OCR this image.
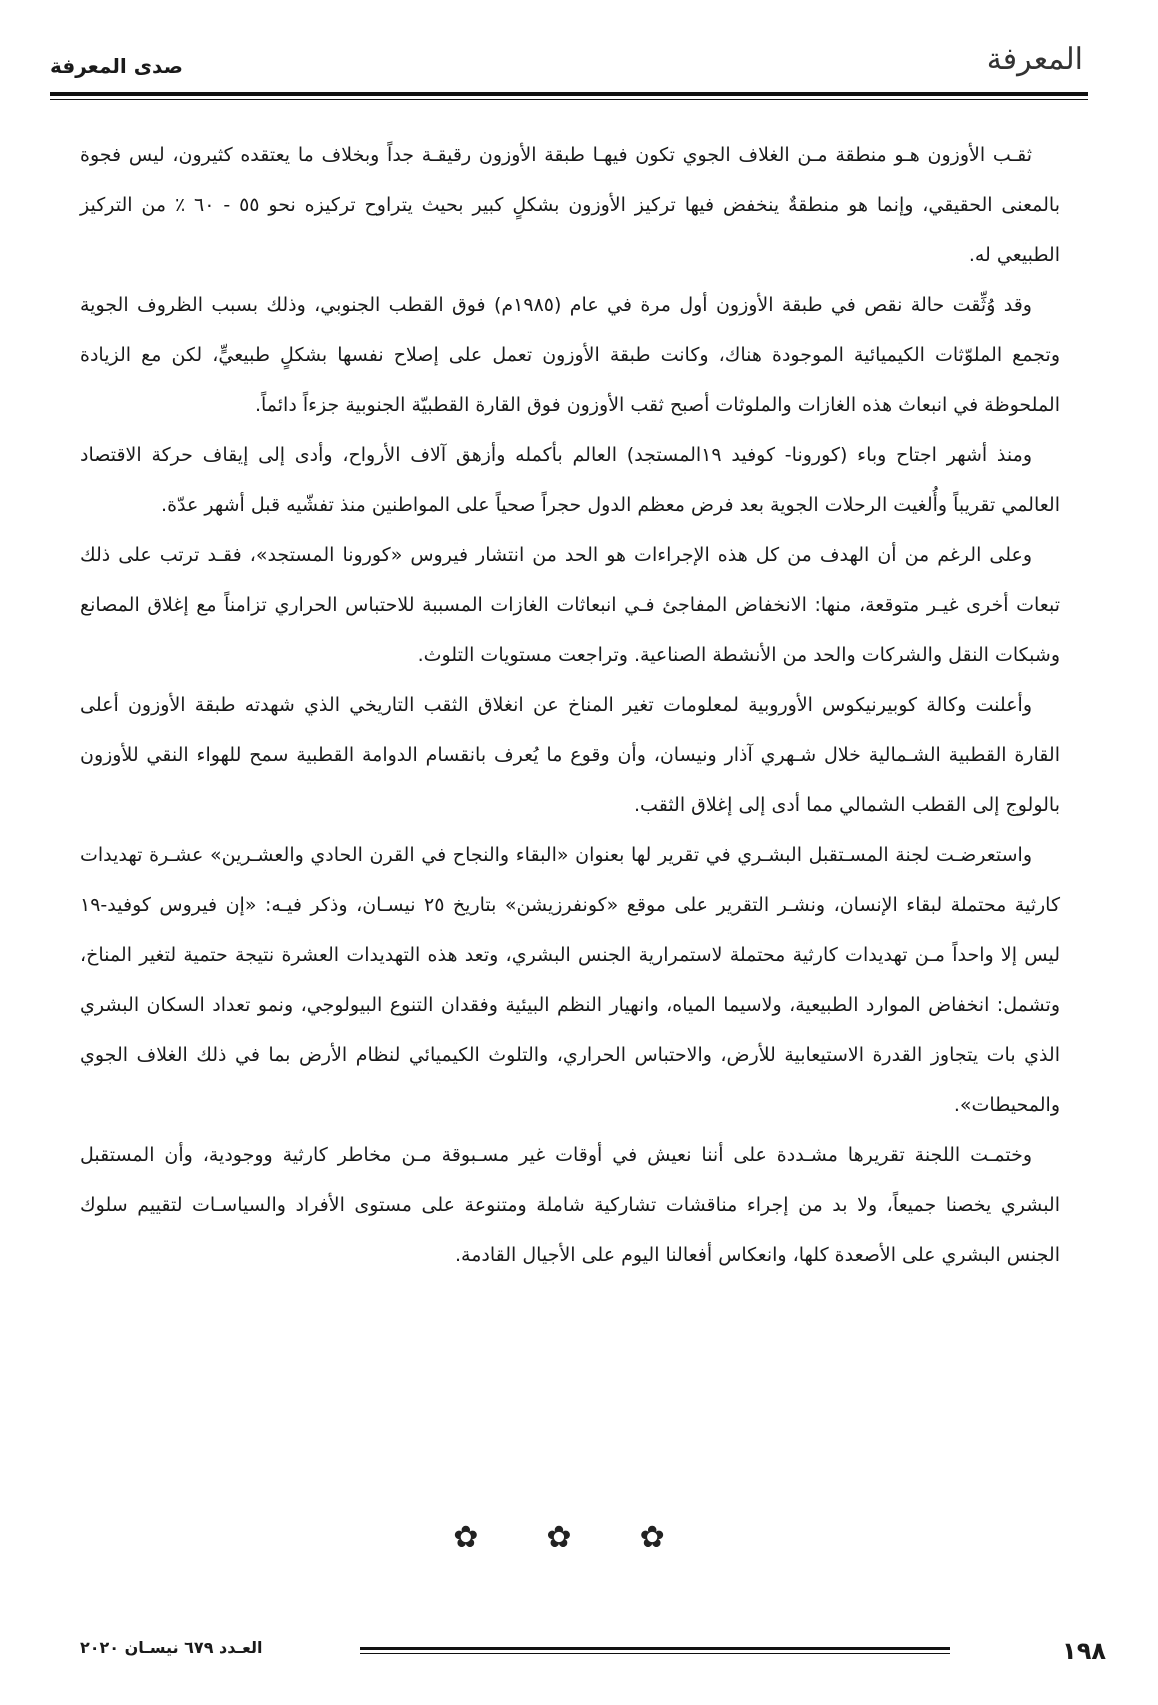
المعرفة
صدى المعرفة

ثقـب الأوزون هـو منطقة مـن الغلاف الجوي تكون فيهـا طبقة الأوزون رقيقـة جداً وبخلاف ما يعتقده كثيرون، ليس فجوة بالمعنى الحقيقي، وإنما هو منطقةٌ ينخفض فيها تركيز الأوزون بشكلٍ كبير بحيث يتراوح تركيزه نحو ٥٥ - ٦٠ ٪ من التركيز الطبيعي له.

وقد وُثِّقت حالة نقص في طبقة الأوزون أول مرة في عام (١٩٨٥م) فوق القطب الجنوبي، وذلك بسبب الظروف الجوية وتجمع الملوّثات الكيميائية الموجودة هناك، وكانت طبقة الأوزون تعمل على إصلاح نفسها بشكلٍ طبيعيٍّ، لكن مع الزيادة الملحوظة في انبعاث هذه الغازات والملوثات أصبح ثقب الأوزون فوق القارة القطبيّة الجنوبية جزءاً دائماً.

ومنذ أشهر اجتاح وباء (كورونا- كوفيد ١٩المستجد) العالم بأكمله وأزهق آلاف الأرواح، وأدى إلى إيقاف حركة الاقتصاد العالمي تقريباً وأُلغيت الرحلات الجوية بعد فرض معظم الدول حجراً صحياً على المواطنين منذ تفشّيه قبل أشهر عدّة.

وعلى الرغم من أن الهدف من كل هذه الإجراءات هو الحد من انتشار فيروس «كورونا المستجد»، فقـد ترتب على ذلك تبعات أخرى غيـر متوقعة، منها: الانخفاض المفاجئ فـي انبعاثات الغازات المسببة للاحتباس الحراري تزامناً مع إغلاق المصانع وشبكات النقل والشركات والحد من الأنشطة الصناعية. وتراجعت مستويات التلوث.

وأعلنت وكالة كوبيرنيكوس الأوروبية لمعلومات تغير المناخ عن انغلاق الثقب التاريخي الذي شهدته طبقة الأوزون أعلى القارة القطبية الشـمالية خلال شـهري آذار ونيسان، وأن وقوع ما يُعرف بانقسام الدوامة القطبية سمح للهواء النقي للأوزون بالولوج إلى القطب الشمالي مما أدى إلى إغلاق الثقب.

واستعرضـت لجنة المسـتقبل البشـري في تقرير لها بعنوان «البقاء والنجاح في القرن الحادي والعشـرين» عشـرة تهديدات كارثية محتملة لبقاء الإنسان، ونشـر التقرير على موقع «كونفرزيشن» بتاريخ ٢٥ نيسـان، وذكر فيـه: «إن فيروس كوفيد-١٩ ليس إلا واحداً مـن تهديدات كارثية محتملة لاستمرارية الجنس البشري، وتعد هذه التهديدات العشرة نتيجة حتمية لتغير المناخ، وتشمل: انخفاض الموارد الطبيعية، ولاسيما المياه، وانهيار النظم البيئية وفقدان التنوع البيولوجي، ونمو تعداد السكان البشري الذي بات يتجاوز القدرة الاستيعابية للأرض، والاحتباس الحراري، والتلوث الكيميائي لنظام الأرض بما في ذلك الغلاف الجوي والمحيطات».

وختمـت اللجنة تقريرها مشـددة على أننا نعيش في أوقات غير مسـبوقة مـن مخاطر كارثية ووجودية، وأن المستقبل البشري يخصنا جميعاً، ولا بد من إجراء مناقشات تشاركية شاملة ومتنوعة على مستوى الأفراد والسياسـات لتقييم سلوك الجنس البشري على الأصعدة كلها، وانعكاس أفعالنا اليوم على الأجيال القادمة.

✿ ✿ ✿
١٩٨
العـدد ٦٧٩ نيسـان ٢٠٢٠
